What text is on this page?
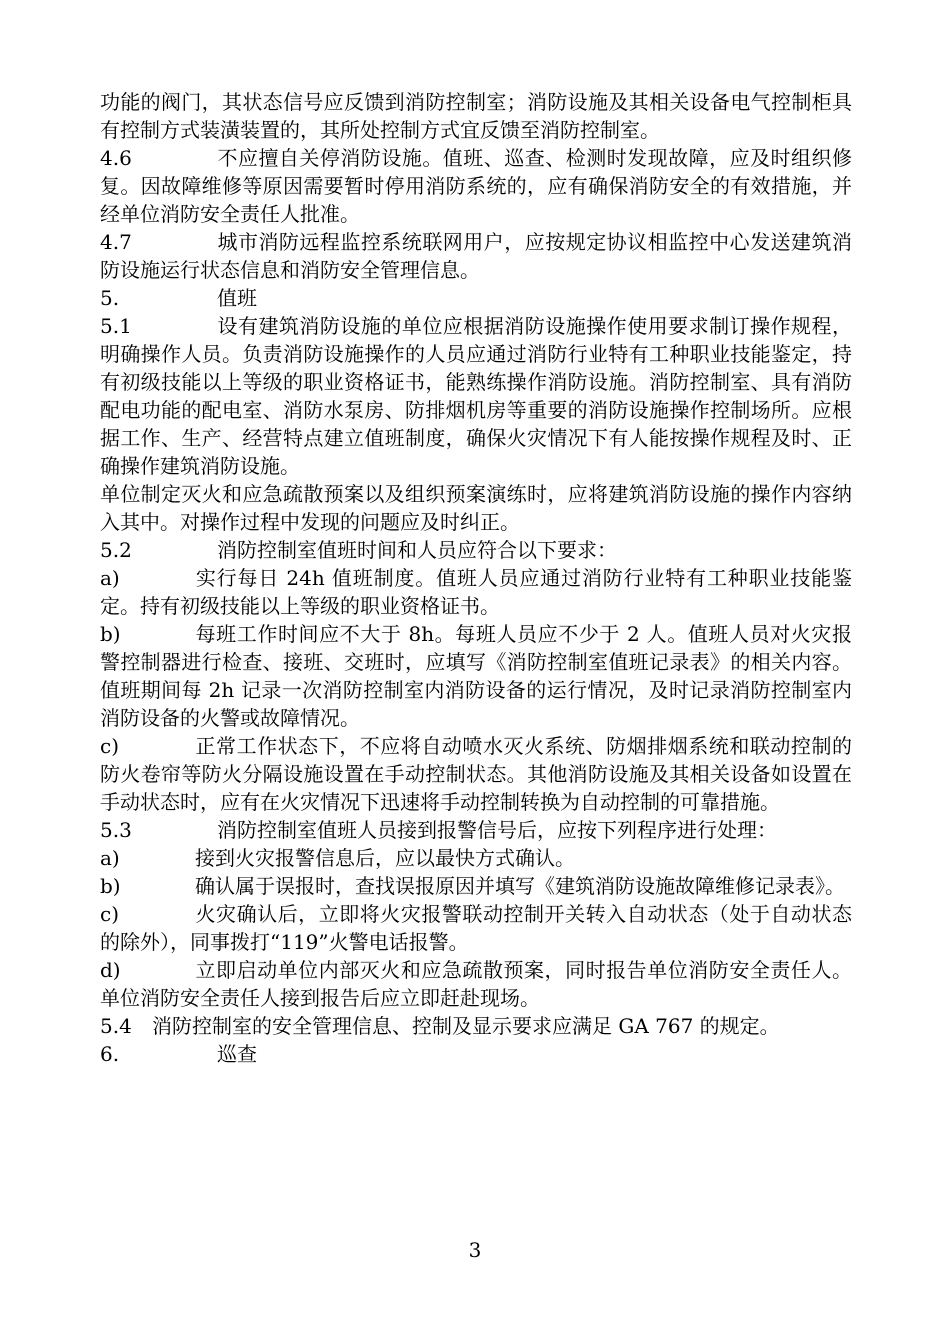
功能的阀门，其状态信号应反馈到消防控制室；消防设施及其相关设备电气控制柜具有控制方式装潢装置的，其所处控制方式宜反馈至消防控制室。

4.6	不应擅自关停消防设施。值班、巡查、检测时发现故障，应及时组织修复。因故障维修等原因需要暂时停用消防系统的，应有确保消防安全的有效措施，并经单位消防安全责任人批准。

4.7	城市消防远程监控系统联网用户，应按规定协议相监控中心发送建筑消防设施运行状态信息和消防安全管理信息。

5.	值班

5.1	设有建筑消防设施的单位应根据消防设施操作使用要求制订操作规程，明确操作人员。负责消防设施操作的人员应通过消防行业特有工种职业技能鉴定，持有初级技能以上等级的职业资格证书，能熟练操作消防设施。消防控制室、具有消防配电功能的配电室、消防水泵房、防排烟机房等重要的消防设施操作控制场所。应根据工作、生产、经营特点建立值班制度，确保火灾情况下有人能按操作规程及时、正确操作建筑消防设施。

单位制定灭火和应急疏散预案以及组织预案演练时，应将建筑消防设施的操作内容纳入其中。对操作过程中发现的问题应及时纠正。

5.2	消防控制室值班时间和人员应符合以下要求：

a)	实行每日 24h 值班制度。值班人员应通过消防行业特有工种职业技能鉴定。持有初级技能以上等级的职业资格证书。

b)	每班工作时间应不大于 8h。每班人员应不少于 2 人。值班人员对火灾报警控制器进行检查、接班、交班时，应填写《消防控制室值班记录表》的相关内容。值班期间每 2h 记录一次消防控制室内消防设备的运行情况，及时记录消防控制室内消防设备的火警或故障情况。

c)	正常工作状态下，不应将自动喷水灭火系统、防烟排烟系统和联动控制的防火卷帘等防火分隔设施设置在手动控制状态。其他消防设施及其相关设备如设置在手动状态时，应有在火灾情况下迅速将手动控制转换为自动控制的可靠措施。

5.3	消防控制室值班人员接到报警信号后，应按下列程序进行处理：

a)	接到火灾报警信息后，应以最快方式确认。

b)	确认属于误报时，查找误报原因并填写《建筑消防设施故障维修记录表》。

c)	火灾确认后，立即将火灾报警联动控制开关转入自动状态（处于自动状态的除外），同事拨打“119”火警电话报警。

d)	立即启动单位内部灭火和应急疏散预案，同时报告单位消防安全责任人。单位消防安全责任人接到报告后应立即赶赴现场。

5.4 消防控制室的安全管理信息、控制及显示要求应满足 GA 767 的规定。

6.	巡查

3
